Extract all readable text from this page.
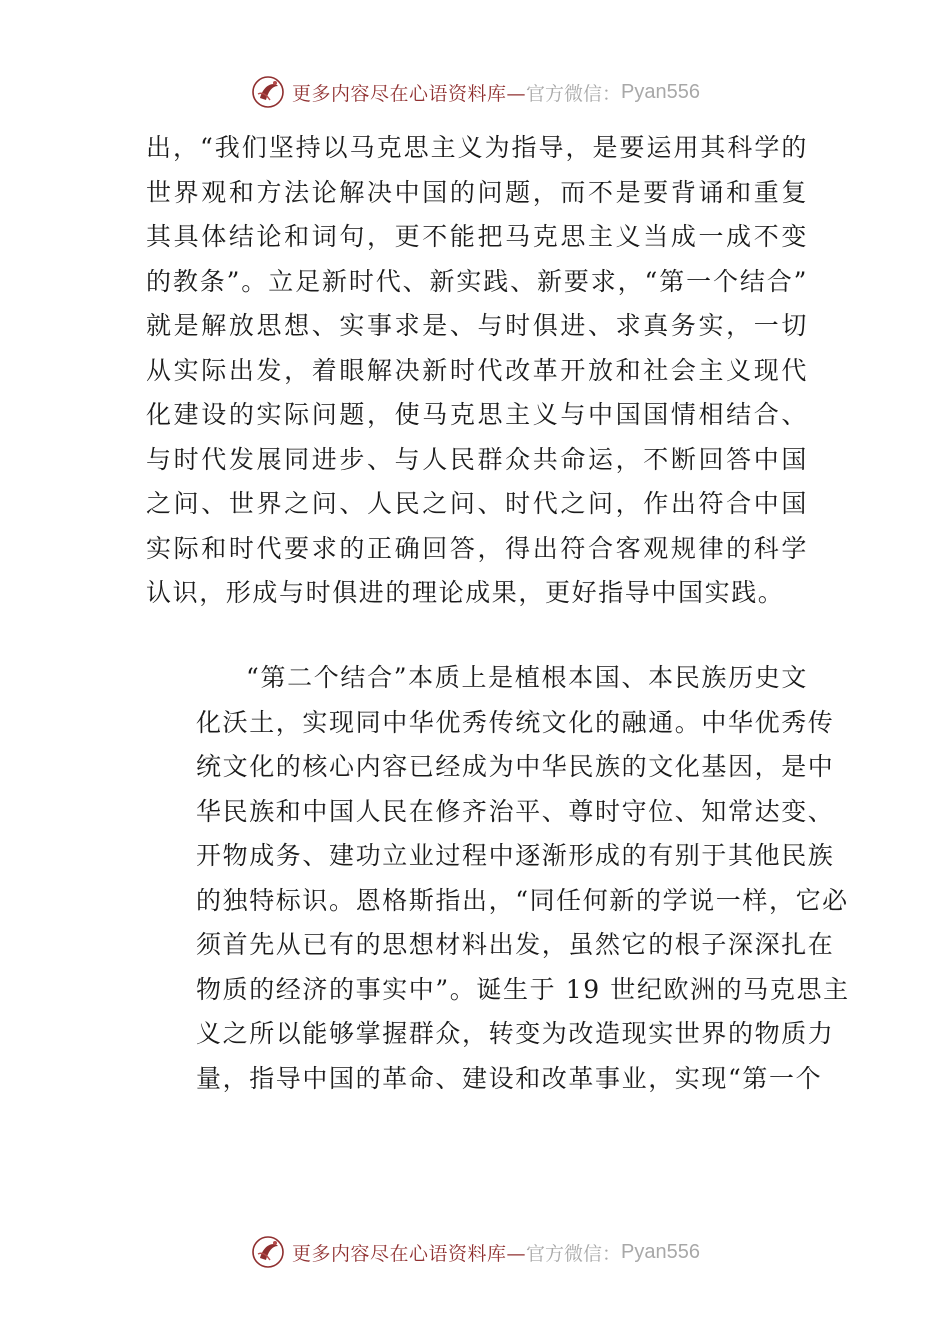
更多内容尽在心语资料库— 官方微信： Pyan556
出，“我们坚持以马克思主义为指导，是要运用其科学的
世界观和方法论解决中国的问题，而不是要背诵和重复
其具体结论和词句，更不能把马克思主义当成一成不变
的教条”。立足新时代、新实践、新要求，“第一个结合”
就是解放思想、实事求是、与时俱进、求真务实，一切
从实际出发，着眼解决新时代改革开放和社会主义现代
化建设的实际问题，使马克思主义与中国国情相结合、
与时代发展同进步、与人民群众共命运，不断回答中国
之问、世界之问、人民之问、时代之问，作出符合中国
实际和时代要求的正确回答，得出符合客观规律的科学
认识，形成与时俱进的理论成果，更好指导中国实践。
“第二个结合”本质上是植根本国、本民族历史文
化沃土，实现同中华优秀传统文化的融通。中华优秀传
统文化的核心内容已经成为中华民族的文化基因，是中
华民族和中国人民在修齐治平、尊时守位、知常达变、
开物成务、建功立业过程中逐渐形成的有别于其他民族
的独特标识。恩格斯指出，“同任何新的学说一样，它必
须首先从已有的思想材料出发，虽然它的根子深深扎在
物质的经济的事实中”。诞生于 19 世纪欧洲的马克思主
义之所以能够掌握群众，转变为改造现实世界的物质力
量，指导中国的革命、建设和改革事业，实现“第一个
更多内容尽在心语资料库— 官方微信： Pyan556
